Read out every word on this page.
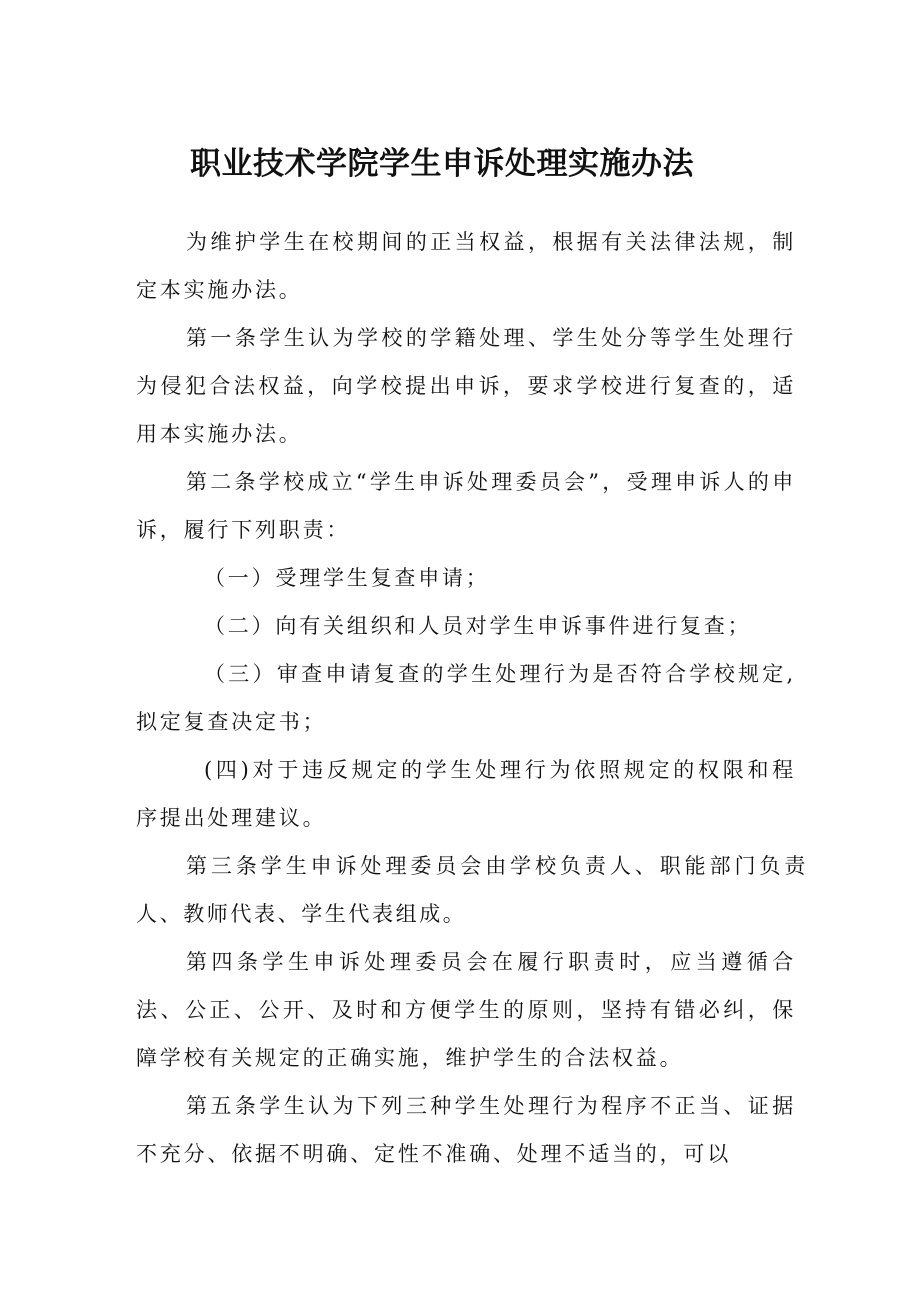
职业技术学院学生申诉处理实施办法

为维护学生在校期间的正当权益，根据有关法律法规，制定本实施办法。

第一条学生认为学校的学籍处理、学生处分等学生处理行为侵犯合法权益，向学校提出申诉，要求学校进行复查的，适用本实施办法。

第二条学校成立“学生申诉处理委员会”，受理申诉人的申诉，履行下列职责：

（一）受理学生复查申请；

（二）向有关组织和人员对学生申诉事件进行复查；

（三）审查申请复查的学生处理行为是否符合学校规定,拟定复查决定书；

(四)对于违反规定的学生处理行为依照规定的权限和程序提出处理建议。

第三条学生申诉处理委员会由学校负责人、职能部门负责人、教师代表、学生代表组成。

第四条学生申诉处理委员会在履行职责时，应当遵循合法、公正、公开、及时和方便学生的原则，坚持有错必纠，保障学校有关规定的正确实施，维护学生的合法权益。

第五条学生认为下列三种学生处理行为程序不正当、证据不充分、依据不明确、定性不准确、处理不适当的，可以
